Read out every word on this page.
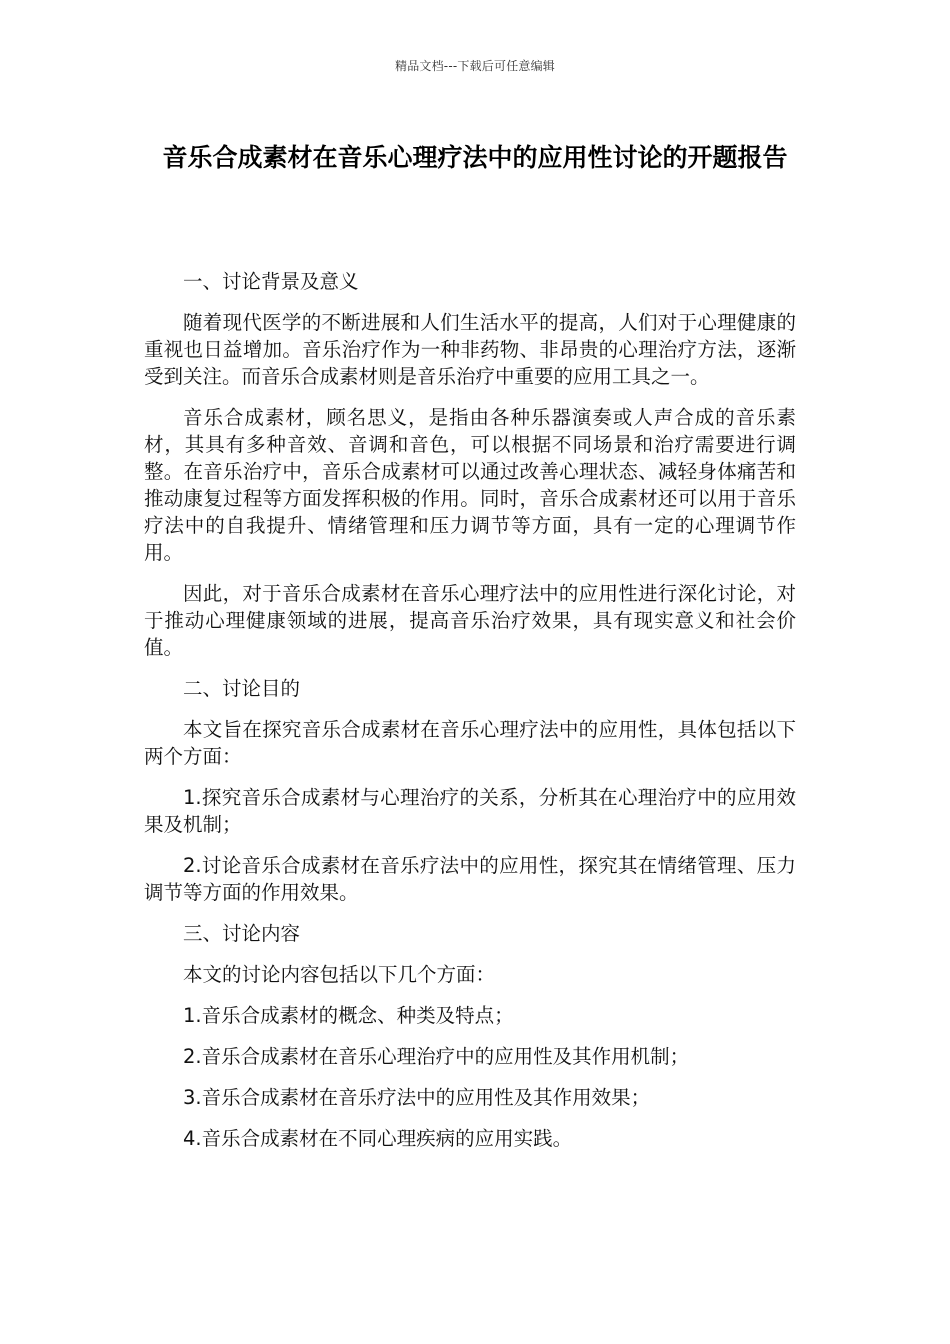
精品文档---下载后可任意编辑
音乐合成素材在音乐心理疗法中的应用性讨论的开题报告

一、讨论背景及意义

随着现代医学的不断进展和人们生活水平的提高，人们对于心理健康的重视也日益增加。音乐治疗作为一种非药物、非昂贵的心理治疗方法，逐渐受到关注。而音乐合成素材则是音乐治疗中重要的应用工具之一。

音乐合成素材，顾名思义，是指由各种乐器演奏或人声合成的音乐素材，其具有多种音效、音调和音色，可以根据不同场景和治疗需要进行调整。在音乐治疗中，音乐合成素材可以通过改善心理状态、减轻身体痛苦和推动康复过程等方面发挥积极的作用。同时，音乐合成素材还可以用于音乐疗法中的自我提升、情绪管理和压力调节等方面，具有一定的心理调节作用。

因此，对于音乐合成素材在音乐心理疗法中的应用性进行深化讨论，对于推动心理健康领域的进展，提高音乐治疗效果，具有现实意义和社会价值。

二、讨论目的

本文旨在探究音乐合成素材在音乐心理疗法中的应用性，具体包括以下两个方面：

1.探究音乐合成素材与心理治疗的关系，分析其在心理治疗中的应用效果及机制；

2.讨论音乐合成素材在音乐疗法中的应用性，探究其在情绪管理、压力调节等方面的作用效果。

三、讨论内容

本文的讨论内容包括以下几个方面：

1.音乐合成素材的概念、种类及特点；

2.音乐合成素材在音乐心理治疗中的应用性及其作用机制；

3.音乐合成素材在音乐疗法中的应用性及其作用效果；

4.音乐合成素材在不同心理疾病的应用实践。
